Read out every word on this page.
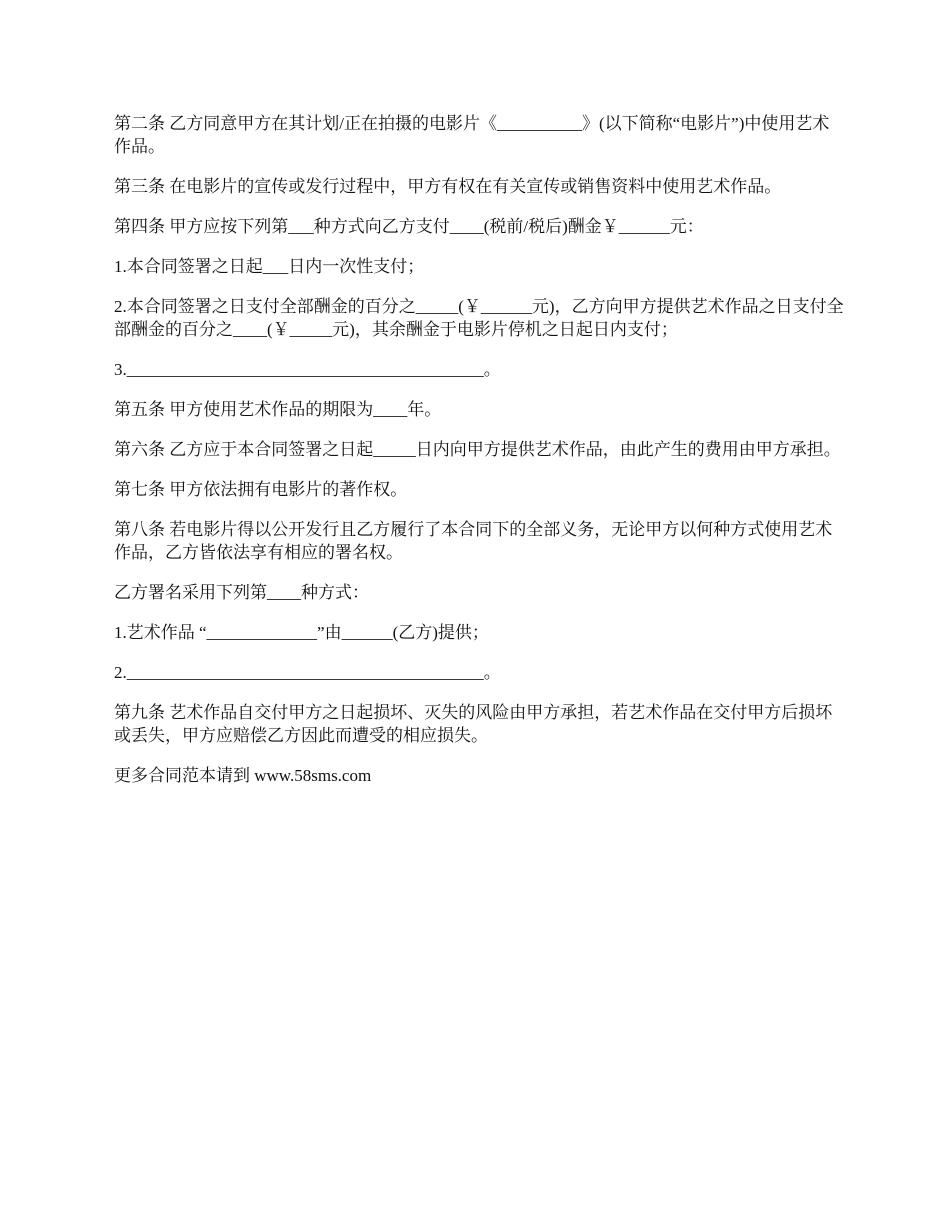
第二条 乙方同意甲方在其计划/正在拍摄的电影片《__________》(以下简称“电影片”)中使用艺术作品。

第三条 在电影片的宣传或发行过程中，甲方有权在有关宣传或销售资料中使用艺术作品。

第四条 甲方应按下列第___种方式向乙方支付____(税前/税后)酬金￥______元：

1.本合同签署之日起___日内一次性支付；

2.本合同签署之日支付全部酬金的百分之_____(￥______元)，乙方向甲方提供艺术作品之日支付全部酬金的百分之____(￥_____元)，其余酬金于电影片停机之日起日内支付；

3.__________________________________________。

第五条 甲方使用艺术作品的期限为____年。

第六条 乙方应于本合同签署之日起_____日内向甲方提供艺术作品，由此产生的费用由甲方承担。

第七条 甲方依法拥有电影片的著作权。

第八条 若电影片得以公开发行且乙方履行了本合同下的全部义务，无论甲方以何种方式使用艺术作品，乙方皆依法享有相应的署名权。

乙方署名采用下列第____种方式：

1.艺术作品 “_____________”由______(乙方)提供；

2.__________________________________________。

第九条 艺术作品自交付甲方之日起损坏、灭失的风险由甲方承担，若艺术作品在交付甲方后损坏或丢失，甲方应赔偿乙方因此而遭受的相应损失。

更多合同范本请到 www.58sms.com
